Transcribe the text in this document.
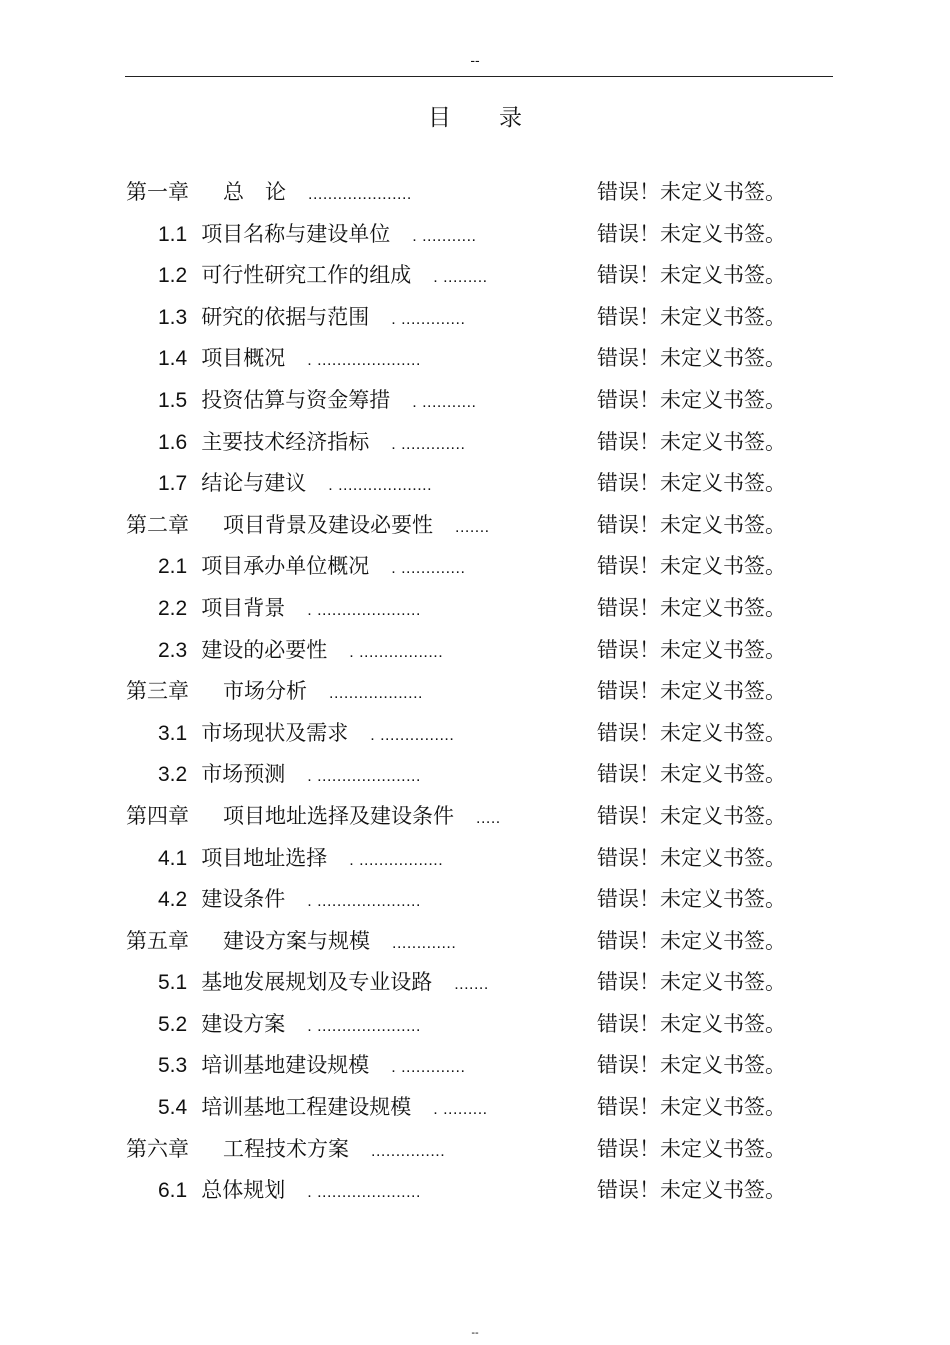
--
目 录
第一章 总　论 .....................	错误！未定义书签。
1.1 项目名称与建设单位 . ...........	错误！未定义书签。
1.2 可行性研究工作的组成 . .........	错误！未定义书签。
1.3 研究的依据与范围 . .............	错误！未定义书签。
1.4 项目概况 . .....................	错误！未定义书签。
1.5 投资估算与资金筹措 . ...........	错误！未定义书签。
1.6 主要技术经济指标 . .............	错误！未定义书签。
1.7 结论与建议 . ...................	错误！未定义书签。
第二章 项目背景及建设必要性 .......	错误！未定义书签。
2.1 项目承办单位概况 . .............	错误！未定义书签。
2.2 项目背景 . .....................	错误！未定义书签。
2.3 建设的必要性 . .................	错误！未定义书签。
第三章 市场分析 ...................	错误！未定义书签。
3.1 市场现状及需求 . ...............	错误！未定义书签。
3.2 市场预测 . .....................	错误！未定义书签。
第四章 项目地址选择及建设条件 .....	错误！未定义书签。
4.1 项目地址选择 . .................	错误！未定义书签。
4.2 建设条件 . .....................	错误！未定义书签。
第五章 建设方案与规模 .............	错误！未定义书签。
5.1 基地发展规划及专业设路 .......	错误！未定义书签。
5.2 建设方案 . .....................	错误！未定义书签。
5.3 培训基地建设规模 . .............	错误！未定义书签。
5.4 培训基地工程建设规模 . .........	错误！未定义书签。
第六章 工程技术方案 ...............	错误！未定义书签。
6.1 总体规划 . .....................	错误！未定义书签。
--
